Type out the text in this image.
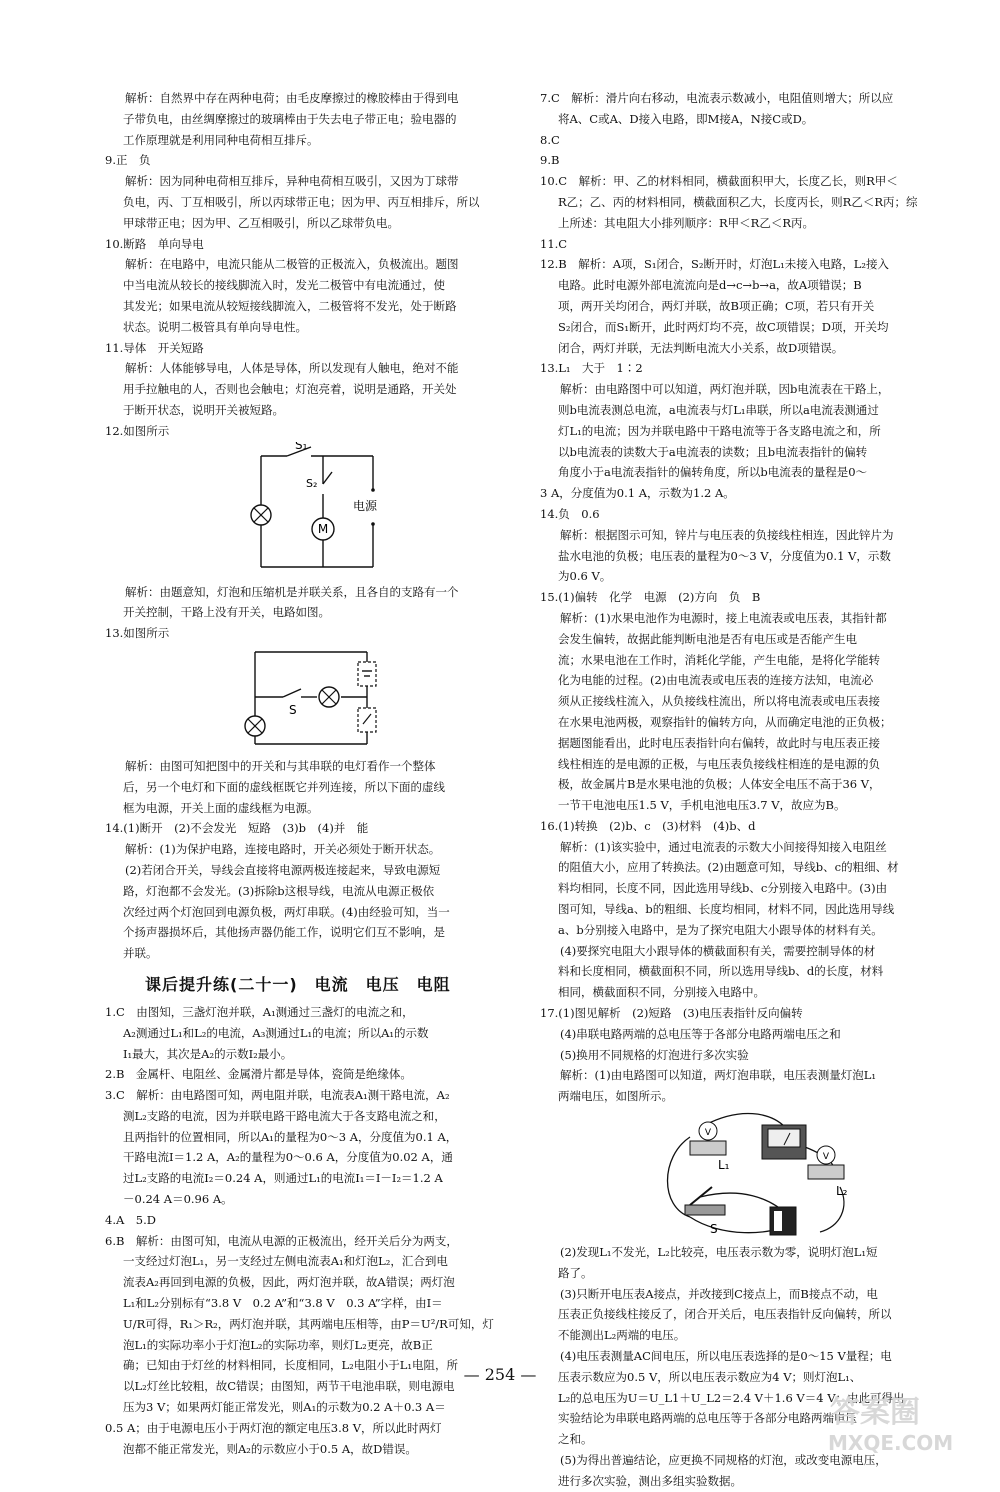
解析：自然界中存在两种电荷；由毛皮摩擦过的橡胶棒由于得到电
子带负电，由丝绸摩擦过的玻璃棒由于失去电子带正电；验电器的
工作原理就是利用同种电荷相互排斥。
9.正　负
解析：因为同种电荷相互排斥，异种电荷相互吸引，又因为丁球带
负电，丙、丁互相吸引，所以丙球带正电；因为甲、丙互相排斥，所以
甲球带正电；因为甲、乙互相吸引，所以乙球带负电。
10.断路　单向导电
解析：在电路中，电流只能从二极管的正极流入，负极流出。题图
中当电流从较长的接线脚流入时，发光二极管中有电流通过，使
其发光；如果电流从较短接线脚流入，二极管将不发光，处于断路
状态。说明二极管具有单向导电性。
11.导体　开关短路
解析：人体能够导电，人体是导体，所以发现有人触电，绝对不能
用手拉触电的人，否则也会触电；灯泡亮着，说明是通路，开关处
于断开状态，说明开关被短路。
12.如图所示
M
S₁
S₂
电源
解析：由题意知，灯泡和压缩机是并联关系，且各自的支路有一个
开关控制，干路上没有开关，电路如图。
13.如图所示
S
解析：由图可知把图中的开关和与其串联的电灯看作一个整体
后，另一个电灯和下面的虚线框既它并列连接，所以下面的虚线
框为电源，开关上面的虚线框为电源。
14.(1)断开　(2)不会发光　短路　(3)b　(4)并　能
解析：(1)为保护电路，连接电路时，开关必须处于断开状态。
(2)若闭合开关，导线会直接将电源两极连接起来，导致电源短
路，灯泡都不会发光。(3)拆除b这根导线，电流从电源正极依
次经过两个灯泡回到电源负极，两灯串联。(4)由经验可知，当一
个扬声器损坏后，其他扬声器仍能工作，说明它们互不影响，是
并联。
课后提升练(二十一)　电流　电压　电阻
1.C　由图知，三盏灯泡并联，A₁测通过三盏灯的电流之和，
A₂测通过L₁和L₂的电流，A₃测通过L₁的电流；所以A₁的示数
I₁最大，其次是A₂的示数I₂最小。
2.B　金属杆、电阻丝、金属滑片都是导体，瓷筒是绝缘体。
3.C　解析：由电路图可知，两电阻并联，电流表A₁测干路电流，A₂
测L₂支路的电流，因为并联电路干路电流大于各支路电流之和，
且两指针的位置相同，所以A₁的量程为0～3 A，分度值为0.1 A，
干路电流I＝1.2 A，A₂的量程为0～0.6 A，分度值为0.02 A，通
过L₂支路的电流I₂＝0.24 A，则通过L₁的电流I₁＝I－I₂＝1.2 A
－0.24 A＝0.96 A。
4.A　5.D
6.B　解析：由图可知，电流从电源的正极流出，经开关后分为两支，
一支经过灯泡L₁，另一支经过左侧电流表A₁和灯泡L₂，汇合到电
流表A₂再回到电源的负极，因此，两灯泡并联，故A错误；两灯泡
L₁和L₂分别标有“3.8 V　0.2 A”和“3.8 V　0.3 A”字样，由I＝
U/R可得，R₁＞R₂，两灯泡并联，其两端电压相等，由P＝U²/R可知，灯
泡L₁的实际功率小于灯泡L₂的实际功率，则灯L₂更亮，故B正
确；已知由于灯丝的材料相同，长度相同，L₂电阻小于L₁电阻，所
以L₂灯丝比较粗，故C错误；由图知，两节干电池串联，则电源电
压为3 V；如果两灯能正常发光，则A₁的示数为0.2 A＋0.3 A＝
0.5 A；由于电源电压小于两灯泡的额定电压3.8 V，所以此时两灯
泡都不能正常发光，则A₂的示数应小于0.5 A，故D错误。
7.C　解析：滑片向右移动，电流表示数减小，电阻值则增大；所以应
将A、C或A、D接入电路，即M接A，N接C或D。
8.C
9.B
10.C　解析：甲、乙的材料相同，横截面积甲大，长度乙长，则R甲＜
R乙；乙、丙的材料相同，横截面积乙大，长度丙长，则R乙＜R丙；综
上所述：其电阻大小排列顺序：R甲＜R乙＜R丙。
11.C
12.B　解析：A项，S₁闭合，S₂断开时，灯泡L₁未接入电路，L₂接入
电路。此时电源外部电流流向是d→c→b→a，故A项错误；B
项，两开关均闭合，两灯并联，故B项正确；C项，若只有开关
S₂闭合，而S₁断开，此时两灯均不亮，故C项错误；D项，开关均
闭合，两灯并联，无法判断电流大小关系，故D项错误。
13.L₁　大于　1∶2
解析：由电路图中可以知道，两灯泡并联，因b电流表在干路上，
则b电流表测总电流，a电流表与灯L₁串联，所以a电流表测通过
灯L₁的电流；因为并联电路中干路电流等于各支路电流之和，所
以b电流表的读数大于a电流表的读数；且b电流表指针的偏转
角度小于a电流表指针的偏转角度，所以b电流表的量程是0～
3 A，分度值为0.1 A，示数为1.2 A。
14.负　0.6
解析：根据图示可知，锌片与电压表的负接线柱相连，因此锌片为
盐水电池的负极；电压表的量程为0～3 V，分度值为0.1 V，示数
为0.6 V。
15.(1)偏转　化学　电源　(2)方向　负　B
解析：(1)水果电池作为电源时，接上电流表或电压表，其指针都
会发生偏转，故据此能判断电池是否有电压或是否能产生电
流；水果电池在工作时，消耗化学能，产生电能，是将化学能转
化为电能的过程。(2)由电流表或电压表的连接方法知，电流必
须从正接线柱流入，从负接线柱流出，所以将电流表或电压表接
在水果电池两极，观察指针的偏转方向，从而确定电池的正负极；
据题图能看出，此时电压表指针向右偏转，故此时与电压表正接
线柱相连的是电源的正极，与电压表负接线柱相连的是电源的负
极，故金属片B是水果电池的负极；人体安全电压不高于36 V，
一节干电池电压1.5 V，手机电池电压3.7 V，故应为B。
16.(1)转换　(2)b、c　(3)材料　(4)b、d
解析：(1)该实验中，通过电流表的示数大小间接得知接入电阻丝
的阻值大小，应用了转换法。(2)由题意可知，导线b、c的粗细、材
料均相同，长度不同，因此选用导线b、c分别接入电路中。(3)由
图可知，导线a、b的粗细、长度均相同，材料不同，因此选用导线
a、b分别接入电路中，是为了探究电阻大小跟导体的材料有关。
(4)要探究电阻大小跟导体的横截面积有关，需要控制导体的材
料和长度相同，横截面积不同，所以选用导线b、d的长度，材料
相同，横截面积不同，分别接入电路中。
17.(1)图见解析　(2)短路　(3)电压表指针反向偏转
(4)串联电路两端的总电压等于各部分电路两端电压之和
(5)换用不同规格的灯泡进行多次实验
解析：(1)由电路图可以知道，两灯泡串联，电压表测量灯泡L₁
两端电压，如图所示。
V
V
L₁
L₂
S
(2)发现L₁不发光，L₂比较亮，电压表示数为零，说明灯泡L₁短
路了。
(3)只断开电压表A接点，并改接到C接点上，而B接点不动，电
压表正负接线柱接反了，闭合开关后，电压表指针反向偏转，所以
不能测出L₂两端的电压。
(4)电压表测量AC间电压，所以电压表选择的是0～15 V量程；电
压表示数应为0.5 V，所以电压表示数应为4 V；则灯泡L₁、
L₂的总电压为U＝U_L1＋U_L2＝2.4 V＋1.6 V＝4 V；由此可得出
实验结论为串联电路两端的总电压等于各部分电路两端电压
之和。
(5)为得出普遍结论，应更换不同规格的灯泡，或改变电源电压，
进行多次实验，测出多组实验数据。
— 254 —
答案圈
MXQE.COM
